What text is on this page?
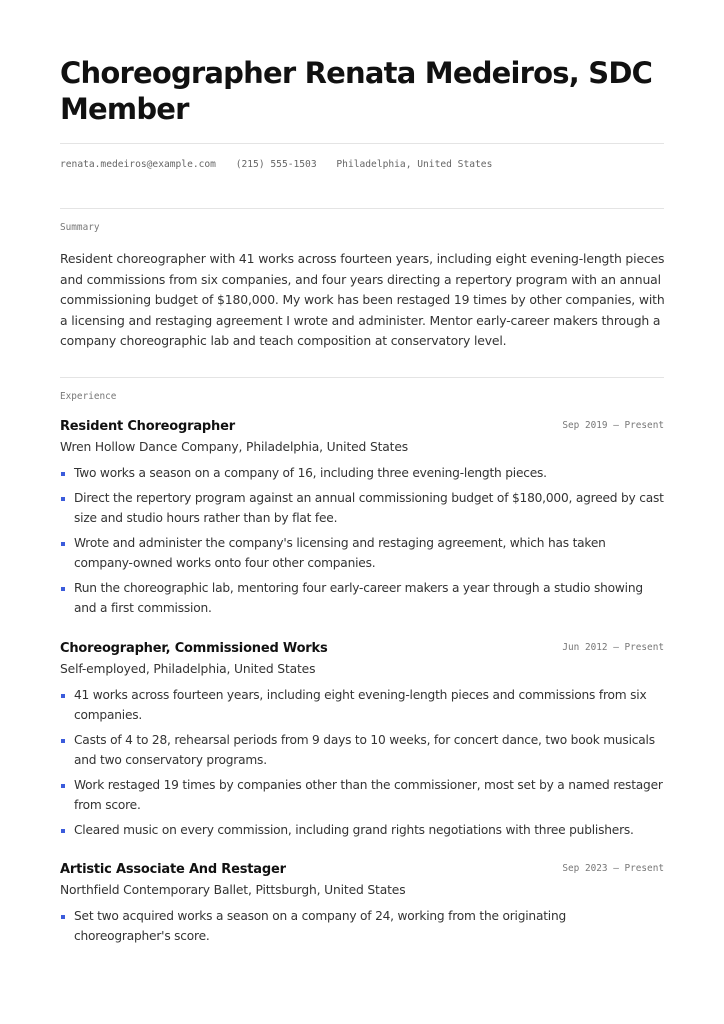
Choreographer Renata Medeiros, SDC Member
renata.medeiros@example.com (215) 555-1503 Philadelphia, United States
Summary
Resident choreographer with 41 works across fourteen years, including eight evening-length pieces and commissions from six companies, and four years directing a repertory program with an annual commissioning budget of $180,000. My work has been restaged 19 times by other companies, with a licensing and restaging agreement I wrote and administer. Mentor early-career makers through a company choreographic lab and teach composition at conservatory level.
Experience
Resident Choreographer	Sep 2019 — Present
Wren Hollow Dance Company, Philadelphia, United States
Two works a season on a company of 16, including three evening-length pieces.
Direct the repertory program against an annual commissioning budget of $180,000, agreed by cast size and studio hours rather than by flat fee.
Wrote and administer the company's licensing and restaging agreement, which has taken company-owned works onto four other companies.
Run the choreographic lab, mentoring four early-career makers a year through a studio showing and a first commission.
Choreographer, Commissioned Works	Jun 2012 — Present
Self-employed, Philadelphia, United States
41 works across fourteen years, including eight evening-length pieces and commissions from six companies.
Casts of 4 to 28, rehearsal periods from 9 days to 10 weeks, for concert dance, two book musicals and two conservatory programs.
Work restaged 19 times by companies other than the commissioner, most set by a named restager from score.
Cleared music on every commission, including grand rights negotiations with three publishers.
Artistic Associate And Restager	Sep 2023 — Present
Northfield Contemporary Ballet, Pittsburgh, United States
Set two acquired works a season on a company of 24, working from the originating choreographer's score.
